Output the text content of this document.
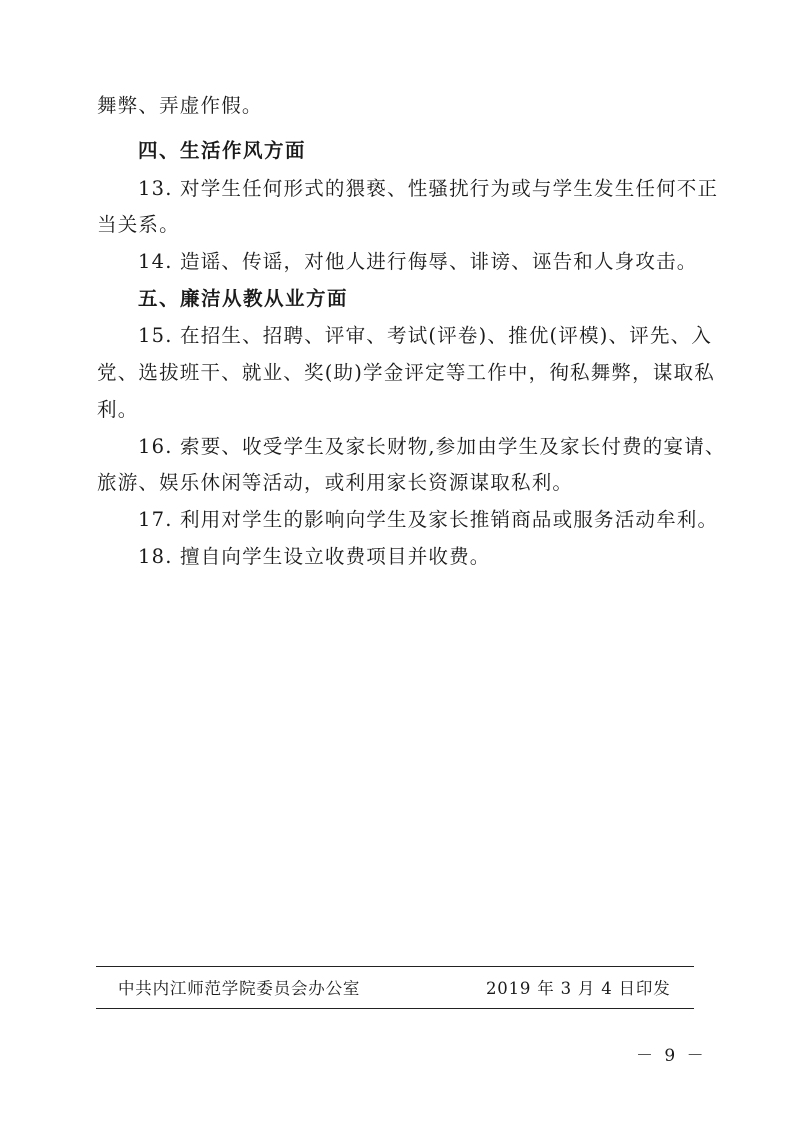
舞弊、弄虚作假。
四、生活作风方面
13. 对学生任何形式的猥亵、性骚扰行为或与学生发生任何不正
当关系。
14. 造谣、传谣，对他人进行侮辱、诽谤、诬告和人身攻击。
五、廉洁从教从业方面
15. 在招生、招聘、评审、考试(评卷)、推优(评模)、评先、入
党、选拔班干、就业、奖(助)学金评定等工作中，徇私舞弊，谋取私
利。
16. 索要、收受学生及家长财物,参加由学生及家长付费的宴请、
旅游、娱乐休闲等活动，或利用家长资源谋取私利。
17. 利用对学生的影响向学生及家长推销商品或服务活动牟利。
18. 擅自向学生设立收费项目并收费。
中共内江师范学院委员会办公室	2019 年 3 月 4 日印发
－ 9 －
